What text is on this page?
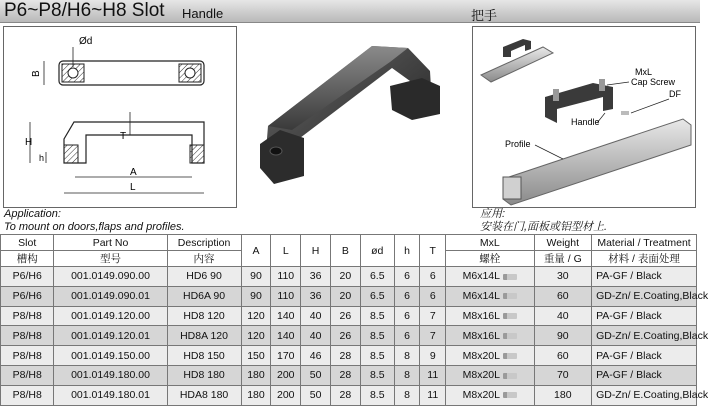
P6~P8/H6~H8 Slot Handle	把手
B
Ød
H
h
T
A
L
MxL
Cap Screw
DF
Handle
Profile
Application:
To mount on doors,flaps and profiles.
应用:
安装在门,面板或铝型材上.
Slot	Part No	Description	A	L	H	B	ød	h	T	MxL	Weight	Material / Treatment
槽构	型号	内容								螺栓	重量 / G	材料 / 表面处理
P6/H6	001.0149.090.00	HD6 90	90	110	36	20	6.5	6	6	M6x14L	30	PA-GF / Black
P6/H6	001.0149.090.01	HD6A 90	90	110	36	20	6.5	6	6	M6x14L	60	GD-Zn/ E.Coating,Black
P8/H8	001.0149.120.00	HD8 120	120	140	40	26	8.5	6	7	M8x16L	40	PA-GF / Black
P8/H8	001.0149.120.01	HD8A 120	120	140	40	26	8.5	6	7	M8x16L	90	GD-Zn/ E.Coating,Black
P8/H8	001.0149.150.00	HD8 150	150	170	46	28	8.5	8	9	M8x20L	60	PA-GF / Black
P8/H8	001.0149.180.00	HD8 180	180	200	50	28	8.5	8	11	M8x20L	70	PA-GF / Black
P8/H8	001.0149.180.01	HDA8 180	180	200	50	28	8.5	8	11	M8x20L	180	GD-Zn/ E.Coating,Black
